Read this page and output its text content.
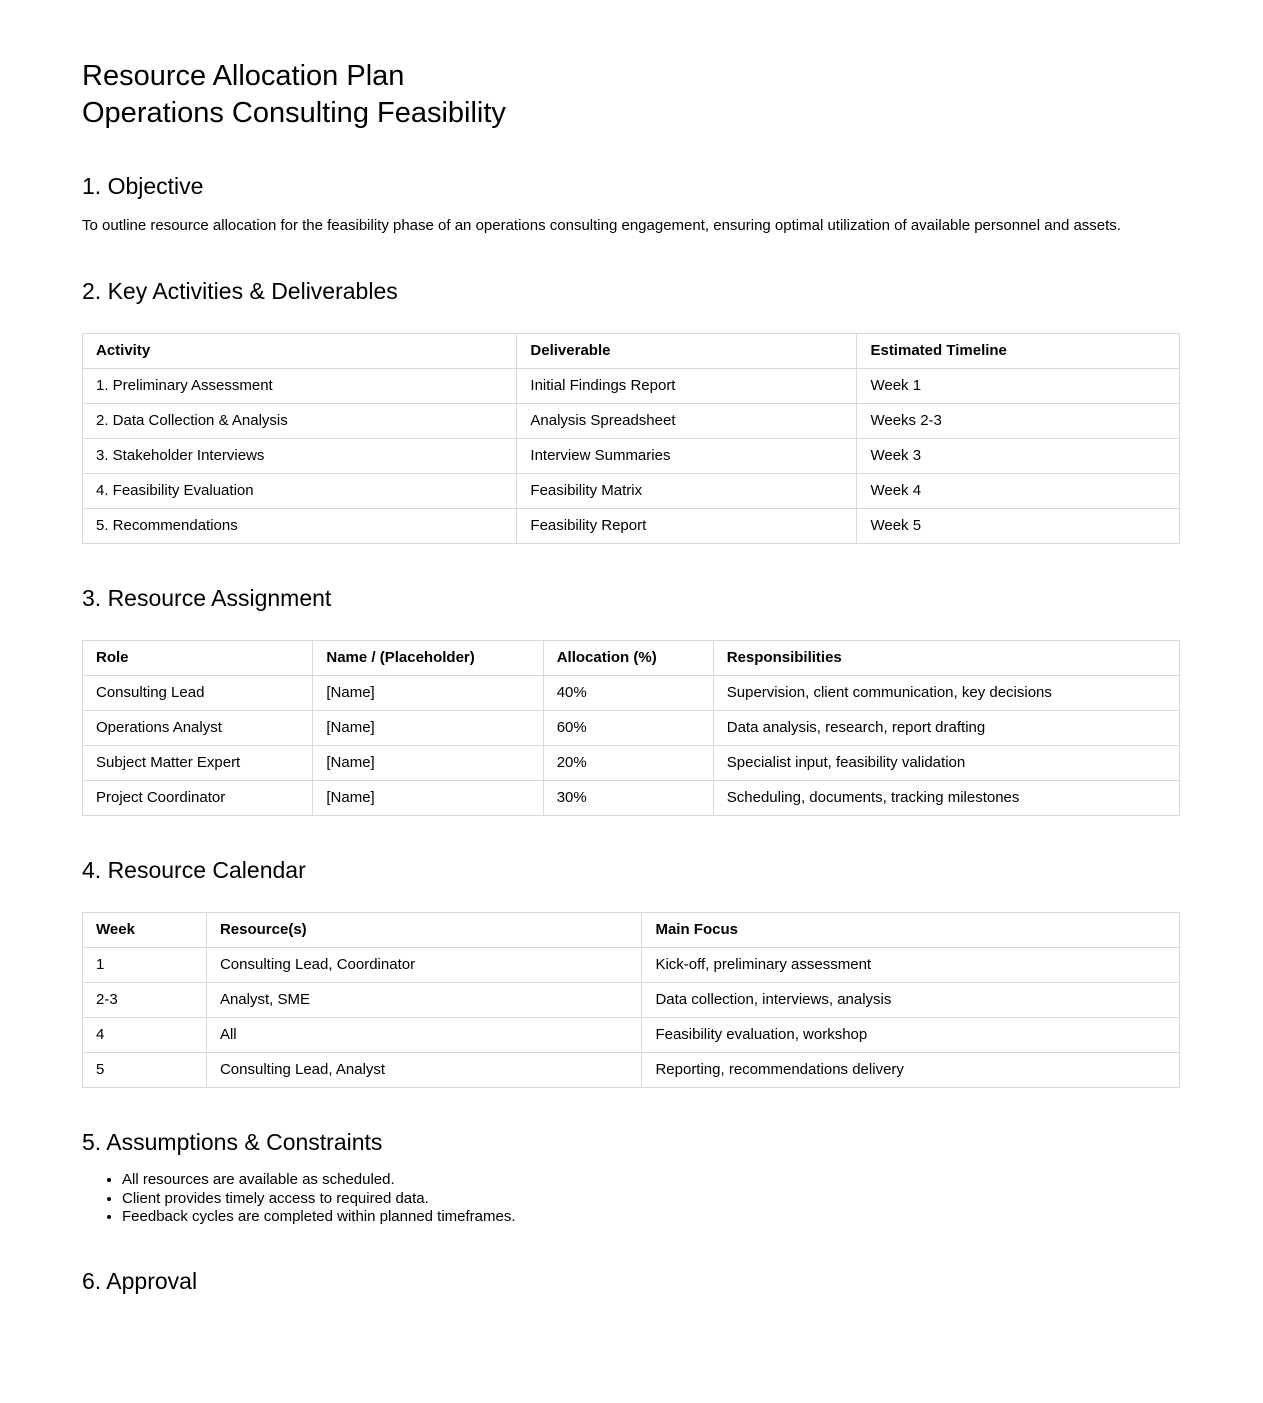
Resource Allocation Plan
Operations Consulting Feasibility
1. Objective

To outline resource allocation for the feasibility phase of an operations consulting engagement, ensuring optimal utilization of available personnel and assets.

2. Key Activities & Deliverables
Activity	Deliverable	Estimated Timeline
1. Preliminary Assessment	Initial Findings Report	Week 1
2. Data Collection & Analysis	Analysis Spreadsheet	Weeks 2-3
3. Stakeholder Interviews	Interview Summaries	Week 3
4. Feasibility Evaluation	Feasibility Matrix	Week 4
5. Recommendations	Feasibility Report	Week 5
3. Resource Assignment
Role	Name / (Placeholder)	Allocation (%)	Responsibilities
Consulting Lead	[Name]	40%	Supervision, client communication, key decisions
Operations Analyst	[Name]	60%	Data analysis, research, report drafting
Subject Matter Expert	[Name]	20%	Specialist input, feasibility validation
Project Coordinator	[Name]	30%	Scheduling, documents, tracking milestones
4. Resource Calendar
Week	Resource(s)	Main Focus
1	Consulting Lead, Coordinator	Kick-off, preliminary assessment
2-3	Analyst, SME	Data collection, interviews, analysis
4	All	Feasibility evaluation, workshop
5	Consulting Lead, Analyst	Reporting, recommendations delivery
5. Assumptions & Constraints
• All resources are available as scheduled.
• Client provides timely access to required data.
• Feedback cycles are completed within planned timeframes.
6. Approval
